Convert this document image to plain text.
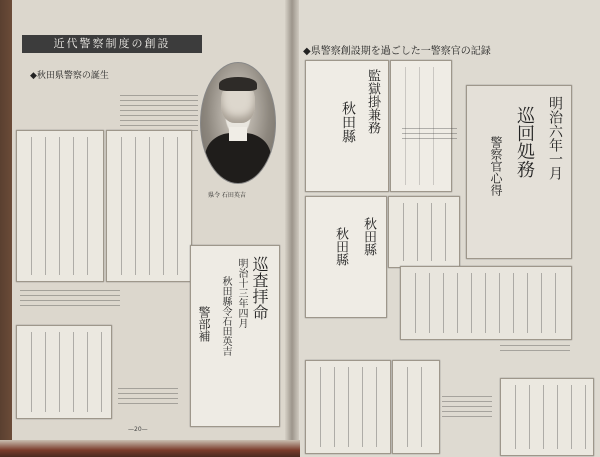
近代警察制度の創設
◆秋田県警察の誕生
県令 石田英吉
巡査拝命
明治十三年四月
秋田縣令石田英吉
警部補
—20—
◆県警察創設期を過ごした一警察官の記録
監獄掛兼務
秋田縣	明治六年一月
巡回処務
警察官心得
秋田縣
秋田縣
